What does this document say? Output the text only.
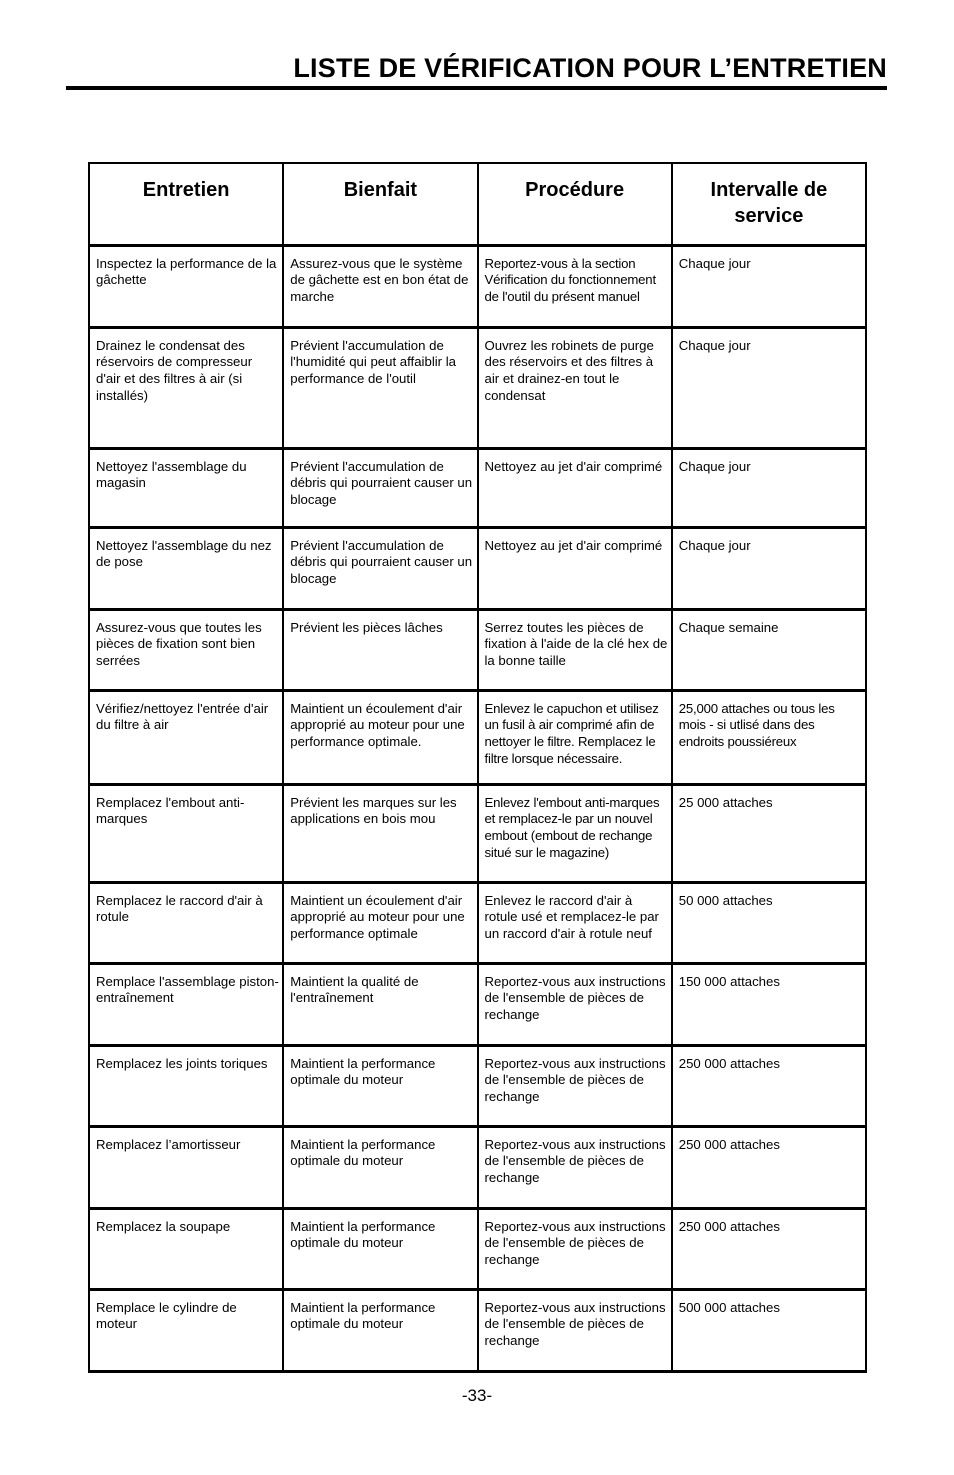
LISTE DE VÉRIFICATION POUR L’ENTRETIEN
Entretien	Bienfait	Procédure	Intervalle de service
Inspectez la performance de la gâchette	Assurez-vous que le système de gâchette est en bon état de marche	Reportez-vous à la section Vérification du fonctionnement de l'outil du présent manuel	Chaque jour
Drainez le condensat des réservoirs de compresseur d'air et des filtres à air (si installés)	Prévient l'accumulation de l'humidité qui peut affaiblir la performance de l'outil	Ouvrez les robinets de purge des réservoirs et des filtres à air et drainez-en tout le condensat	Chaque jour
Nettoyez l'assemblage du magasin	Prévient l'accumulation de débris qui pourraient causer un blocage	Nettoyez au jet d'air comprimé	Chaque jour
Nettoyez l'assemblage du nez de pose	Prévient l'accumulation de débris qui pourraient causer un blocage	Nettoyez au jet d'air comprimé	Chaque jour
Assurez-vous que toutes les pièces de fixation sont bien serrées	Prévient les pièces lâches	Serrez toutes les pièces de fixation à l'aide de la clé hex de la bonne taille	Chaque semaine
Vérifiez/nettoyez l'entrée d'air du filtre à air	Maintient un écoulement d'air approprié au moteur pour une performance optimale.	Enlevez le capuchon et utilisez un fusil à air comprimé afin de nettoyer le filtre. Remplacez le filtre lorsque nécessaire.	25,000 attaches ou tous les mois - si utlisé dans des endroits poussiéreux
Remplacez l'embout anti-marques	Prévient les marques sur les applications en bois mou	Enlevez l'embout anti-marques et remplacez-le par un nouvel embout (embout de rechange situé sur le magazine)	25 000 attaches
Remplacez le raccord d'air à rotule	Maintient un écoulement d'air approprié au moteur pour une performance optimale	Enlevez le raccord d'air à rotule usé et remplacez-le par un raccord d'air à rotule neuf	50 000 attaches
Remplace l'assemblage piston-entraînement	Maintient la qualité de l'entraînement	Reportez-vous aux instructions de l'ensemble de pièces de rechange	150 000 attaches
Remplacez les joints toriques	Maintient la performance optimale du moteur	Reportez-vous aux instructions de l'ensemble de pièces de rechange	250 000 attaches
Remplacez l’amortisseur	Maintient la performance optimale du moteur	Reportez-vous aux instructions de l'ensemble de pièces de rechange	250 000 attaches
Remplacez la soupape	Maintient la performance optimale du moteur	Reportez-vous aux instructions de l'ensemble de pièces de rechange	250 000 attaches
Remplace le cylindre de moteur	Maintient la performance optimale du moteur	Reportez-vous aux instructions de l'ensemble de pièces de rechange	500 000 attaches
-33-
